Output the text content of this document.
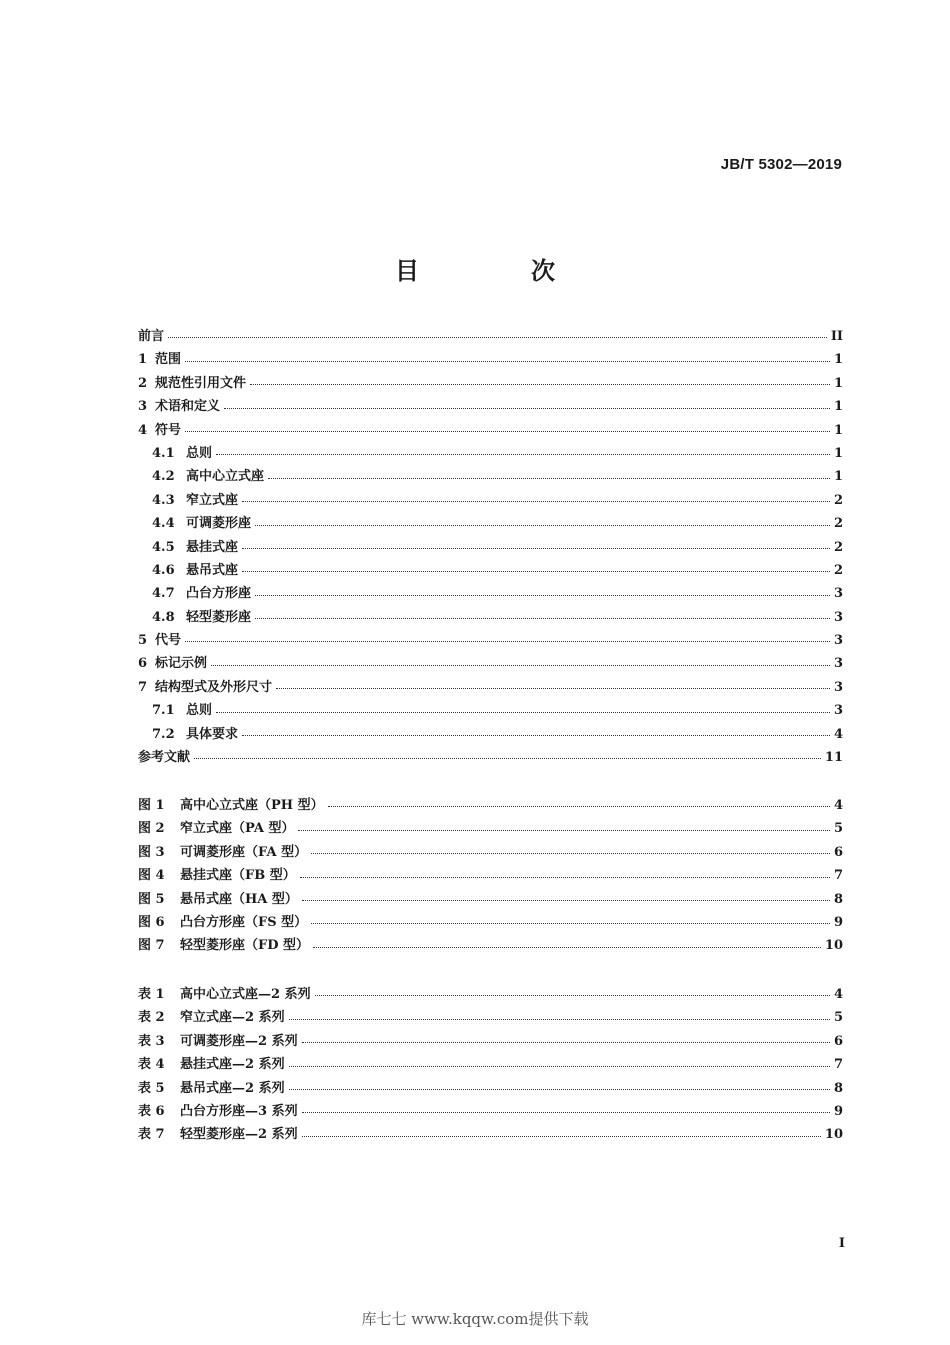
JB/T 5302—2019
目　次
前言	II
1 范围	1
2 规范性引用文件	1
3 术语和定义	1
4 符号	1
4.1 总则	1
4.2 高中心立式座	1
4.3 窄立式座	2
4.4 可调菱形座	2
4.5 悬挂式座	2
4.6 悬吊式座	2
4.7 凸台方形座	3
4.8 轻型菱形座	3
5 代号	3
6 标记示例	3
7 结构型式及外形尺寸	3
7.1 总则	3
7.2 具体要求	4
参考文献	11
图 1	高中心立式座（PH 型）	4
图 2	窄立式座（PA 型）	5
图 3	可调菱形座（FA 型）	6
图 4	悬挂式座（FB 型）	7
图 5	悬吊式座（HA 型）	8
图 6	凸台方形座（FS 型）	9
图 7	轻型菱形座（FD 型）	10
表 1	高中心立式座—2 系列	4
表 2	窄立式座—2 系列	5
表 3	可调菱形座—2 系列	6
表 4	悬挂式座—2 系列	7
表 5	悬吊式座—2 系列	8
表 6	凸台方形座—3 系列	9
表 7	轻型菱形座—2 系列	10
I
库七七 www.kqqw.com提供下载
